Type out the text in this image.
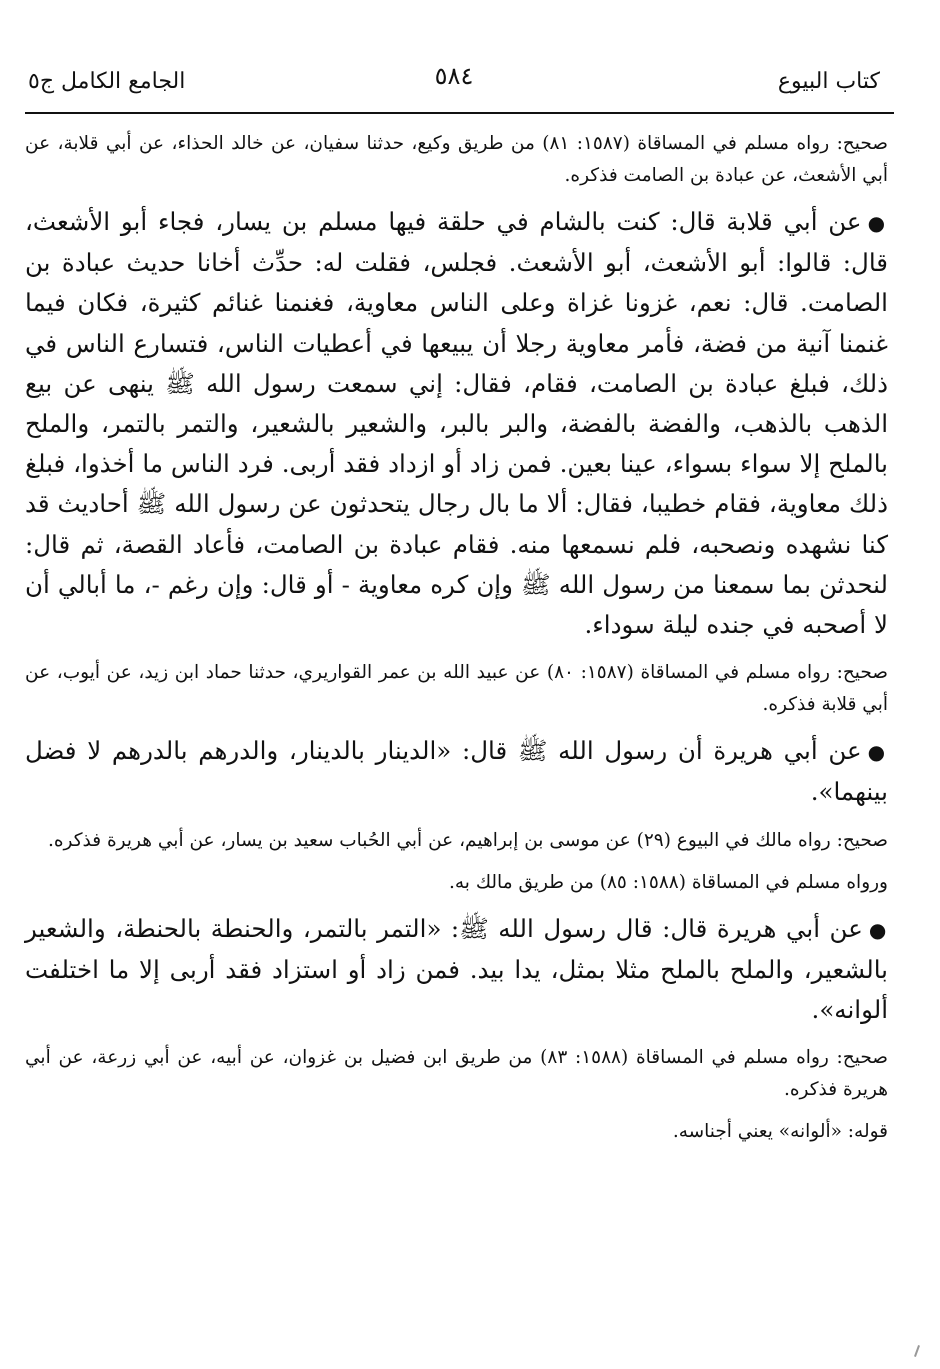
كتاب البيوع
٥٨٤
الجامع الكامل ج٥

صحيح: رواه مسلم في المساقاة (١٥٨٧: ٨١) من طريق وكيع، حدثنا سفيان، عن خالد الحذاء، عن أبي قلابة، عن أبي الأشعث، عن عبادة بن الصامت فذكره.

●عن أبي قلابة قال: كنت بالشام في حلقة فيها مسلم بن يسار، فجاء أبو الأشعث، قال: قالوا: أبو الأشعث، أبو الأشعث. فجلس، فقلت له: حدِّث أخانا حديث عبادة بن الصامت. قال: نعم، غزونا غزاة وعلى الناس معاوية، فغنمنا غنائم كثيرة، فكان فيما غنمنا آنية من فضة، فأمر معاوية رجلا أن يبيعها في أعطيات الناس، فتسارع الناس في ذلك، فبلغ عبادة بن الصامت، فقام، فقال: إني سمعت رسول الله ﷺ ينهى عن بيع الذهب بالذهب، والفضة بالفضة، والبر بالبر، والشعير بالشعير، والتمر بالتمر، والملح بالملح إلا سواء بسواء، عينا بعين. فمن زاد أو ازداد فقد أربى. فرد الناس ما أخذوا، فبلغ ذلك معاوية، فقام خطيبا، فقال: ألا ما بال رجال يتحدثون عن رسول الله ﷺ أحاديث قد كنا نشهده ونصحبه، فلم نسمعها منه. فقام عبادة بن الصامت، فأعاد القصة، ثم قال: لنحدثن بما سمعنا من رسول الله ﷺ وإن كره معاوية - أو قال: وإن رغم -، ما أبالي أن لا أصحبه في جنده ليلة سوداء.

صحيح: رواه مسلم في المساقاة (١٥٨٧: ٨٠) عن عبيد الله بن عمر القواريري، حدثنا حماد ابن زيد، عن أيوب، عن أبي قلابة فذكره.

●عن أبي هريرة أن رسول الله ﷺ قال: «الدينار بالدينار، والدرهم بالدرهم لا فضل بينهما».

صحيح: رواه مالك في البيوع (٢٩) عن موسى بن إبراهيم، عن أبي الحُباب سعيد بن يسار، عن أبي هريرة فذكره.

ورواه مسلم في المساقاة (١٥٨٨: ٨٥) من طريق مالك به.

●عن أبي هريرة قال: قال رسول الله ﷺ: «التمر بالتمر، والحنطة بالحنطة، والشعير بالشعير، والملح بالملح مثلا بمثل، يدا بيد. فمن زاد أو استزاد فقد أربى إلا ما اختلفت ألوانه».

صحيح: رواه مسلم في المساقاة (١٥٨٨: ٨٣) من طريق ابن فضيل بن غزوان، عن أبيه، عن أبي زرعة، عن أبي هريرة فذكره.

قوله: «ألوانه» يعني أجناسه.
